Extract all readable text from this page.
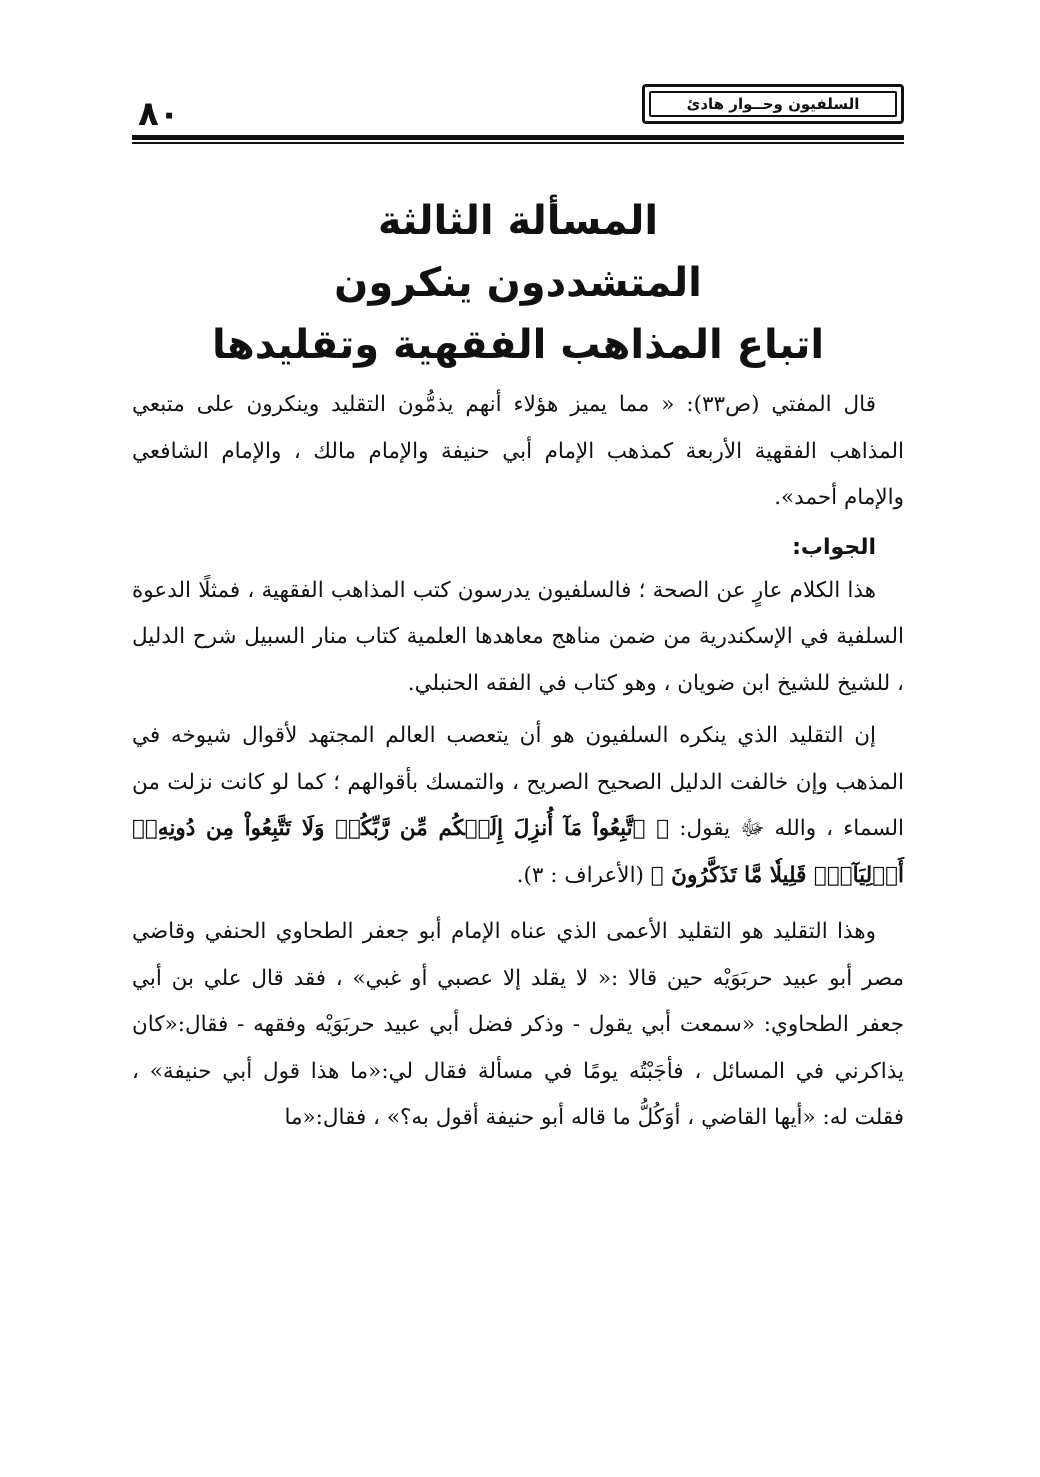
السلفيون وحــوار هادئ
٨٠
المسألة الثالثة
المتشددون ينكرون
اتباع المذاهب الفقهية وتقليدها

قال المفتي (ص٣٣): « مما يميز هؤلاء أنهم يذمُّون التقليد وينكرون على متبعي المذاهب الفقهية الأربعة كمذهب الإمام أبي حنيفة والإمام مالك ، والإمام الشافعي والإمام أحمد».

الجواب:

هذا الكلام عارٍ عن الصحة ؛ فالسلفيون يدرسون كتب المذاهب الفقهية ، فمثلًا الدعوة السلفية في الإسكندرية من ضمن مناهج معاهدها العلمية كتاب منار السبيل شرح الدليل ، للشيخ للشيخ ابن ضويان ، وهو كتاب في الفقه الحنبلي.

إن التقليد الذي ينكره السلفيون هو أن يتعصب العالم المجتهد لأقوال شيوخه في المذهب وإن خالفت الدليل الصحيح الصريح ، والتمسك بأقوالهم ؛ كما لو كانت نزلت من السماء ، والله ﷻ يقول: ﴿ ٱتَّبِعُواْ مَآ أُنزِلَ إِلَيۡكُم مِّن رَّبِّكُمۡ وَلَا تَتَّبِعُواْ مِن دُونِهِۦٓ أَوۡلِيَآءَۗ قَلِيلٗا مَّا تَذَكَّرُونَ ﴾ (الأعراف : ٣).

وهذا التقليد هو التقليد الأعمى الذي عناه الإمام أبو جعفر الطحاوي الحنفي وقاضي مصر أبو عبيد حربَوَيْه حين قالا :« لا يقلد إلا عصبي أو غبي» ، فقد قال علي بن أبي جعفر الطحاوي: «سمعت أبي يقول - وذكر فضل أبي عبيد حربَوَيْه وفقهه - فقال:«كان يذاكرني في المسائل ، فأجَبْتُه يومًا في مسألة فقال لي:«ما هذا قول أبي حنيفة» ، فقلت له: «أيها القاضي ، أوَكُلُّ ما قاله أبو حنيفة أقول به؟» ، فقال:«ما
